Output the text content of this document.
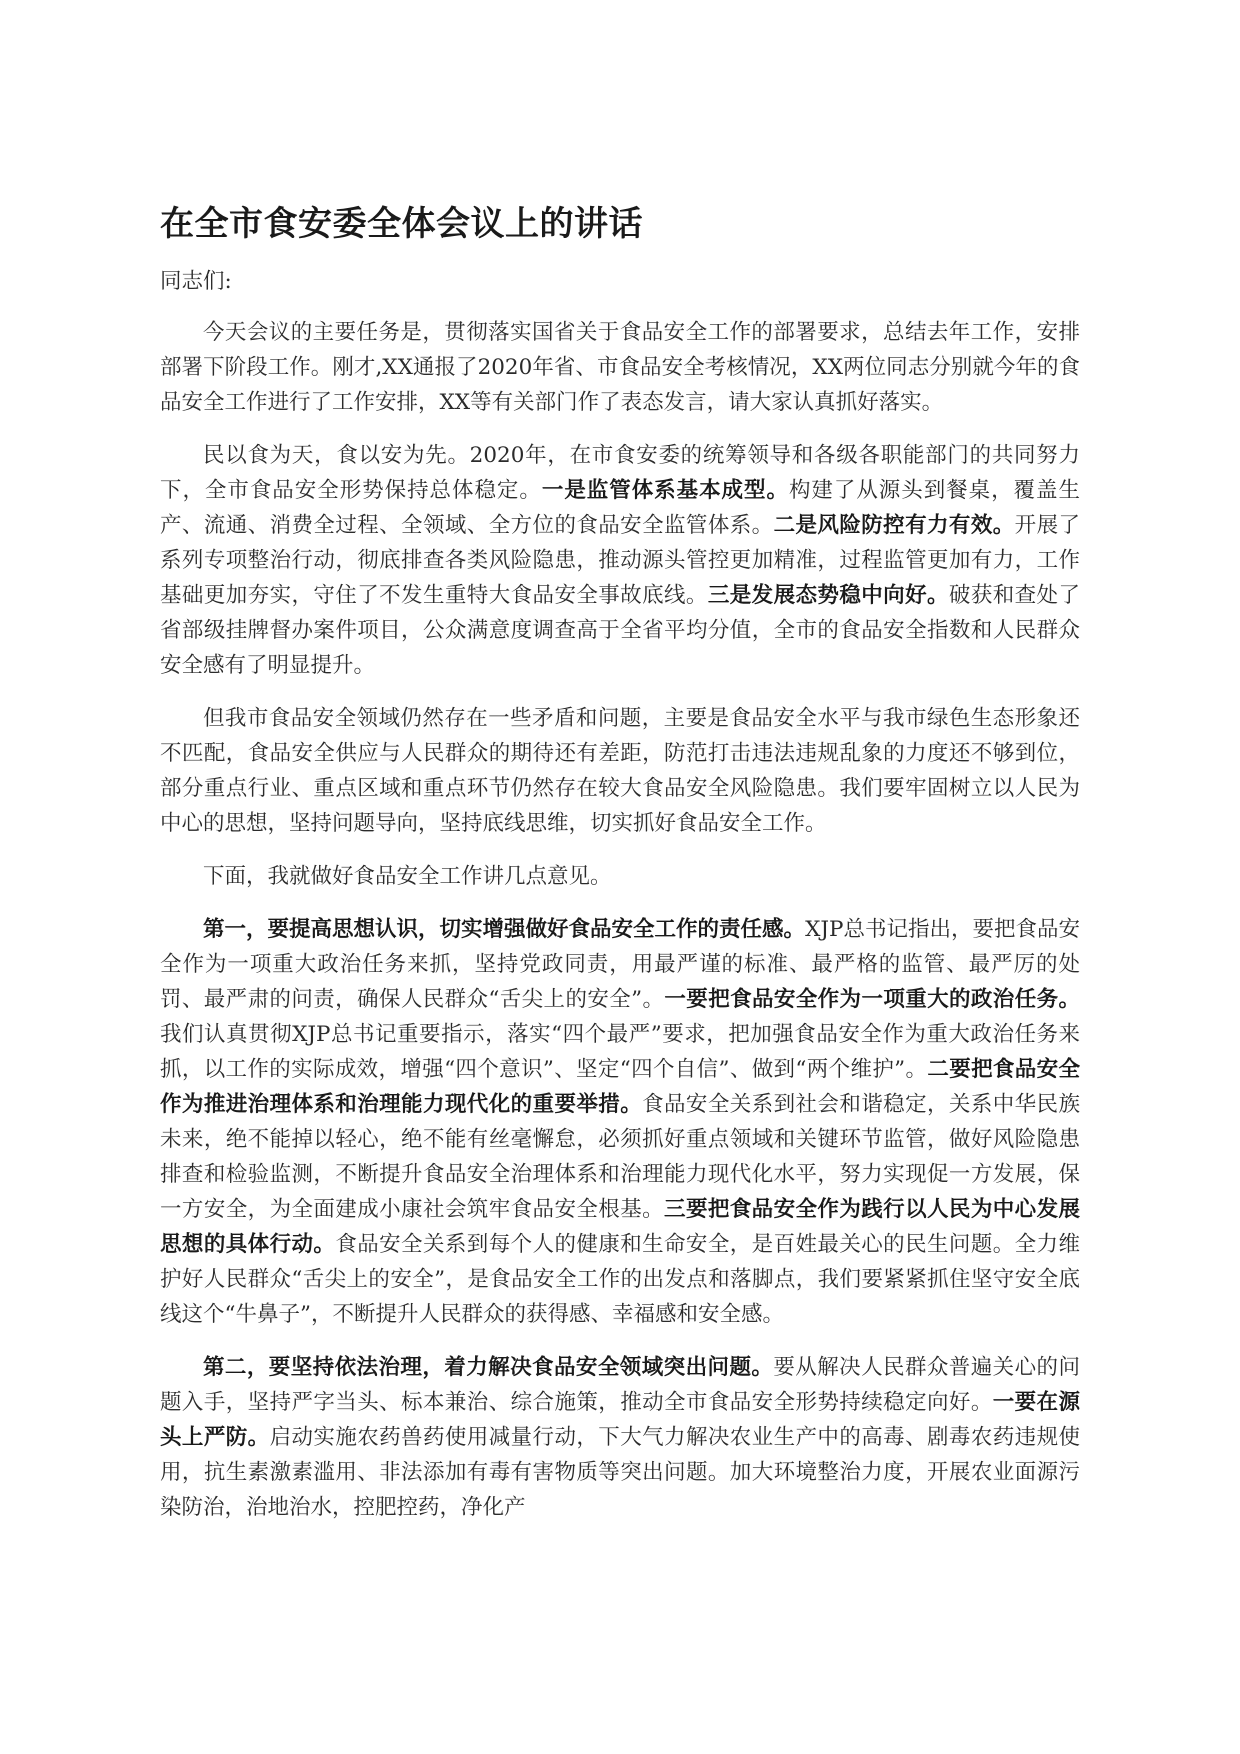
在全市食安委全体会议上的讲话

同志们:

今天会议的主要任务是，贯彻落实国省关于食品安全工作的部署要求，总结去年工作，安排部署下阶段工作。刚才,XX通报了2020年省、市食品安全考核情况，XX两位同志分别就今年的食品安全工作进行了工作安排，XX等有关部门作了表态发言，请大家认真抓好落实。

民以食为天，食以安为先。2020年，在市食安委的统筹领导和各级各职能部门的共同努力下，全市食品安全形势保持总体稳定。一是监管体系基本成型。构建了从源头到餐桌，覆盖生产、流通、消费全过程、全领域、全方位的食品安全监管体系。二是风险防控有力有效。开展了系列专项整治行动，彻底排查各类风险隐患，推动源头管控更加精准，过程监管更加有力，工作基础更加夯实，守住了不发生重特大食品安全事故底线。三是发展态势稳中向好。破获和查处了省部级挂牌督办案件项目，公众满意度调查高于全省平均分值，全市的食品安全指数和人民群众安全感有了明显提升。

但我市食品安全领域仍然存在一些矛盾和问题，主要是食品安全水平与我市绿色生态形象还不匹配，食品安全供应与人民群众的期待还有差距，防范打击违法违规乱象的力度还不够到位，部分重点行业、重点区域和重点环节仍然存在较大食品安全风险隐患。我们要牢固树立以人民为中心的思想，坚持问题导向，坚持底线思维，切实抓好食品安全工作。

下面，我就做好食品安全工作讲几点意见。

第一，要提高思想认识，切实增强做好食品安全工作的责任感。XJP总书记指出，要把食品安全作为一项重大政治任务来抓，坚持党政同责，用最严谨的标准、最严格的监管、最严厉的处罚、最严肃的问责，确保人民群众“舌尖上的安全”。一要把食品安全作为一项重大的政治任务。我们认真贯彻XJP总书记重要指示，落实“四个最严”要求，把加强食品安全作为重大政治任务来抓，以工作的实际成效，增强“四个意识”、坚定“四个自信”、做到“两个维护”。二要把食品安全作为推进治理体系和治理能力现代化的重要举措。食品安全关系到社会和谐稳定，关系中华民族未来，绝不能掉以轻心，绝不能有丝毫懈怠，必须抓好重点领域和关键环节监管，做好风险隐患排查和检验监测，不断提升食品安全治理体系和治理能力现代化水平，努力实现促一方发展，保一方安全，为全面建成小康社会筑牢食品安全根基。三要把食品安全作为践行以人民为中心发展思想的具体行动。食品安全关系到每个人的健康和生命安全，是百姓最关心的民生问题。全力维护好人民群众“舌尖上的安全”，是食品安全工作的出发点和落脚点，我们要紧紧抓住坚守安全底线这个“牛鼻子”，不断提升人民群众的获得感、幸福感和安全感。

第二，要坚持依法治理，着力解决食品安全领域突出问题。要从解决人民群众普遍关心的问题入手，坚持严字当头、标本兼治、综合施策，推动全市食品安全形势持续稳定向好。一要在源头上严防。启动实施农药兽药使用减量行动，下大气力解决农业生产中的高毒、剧毒农药违规使用，抗生素激素滥用、非法添加有毒有害物质等突出问题。加大环境整治力度，开展农业面源污染防治，治地治水，控肥控药，净化产
